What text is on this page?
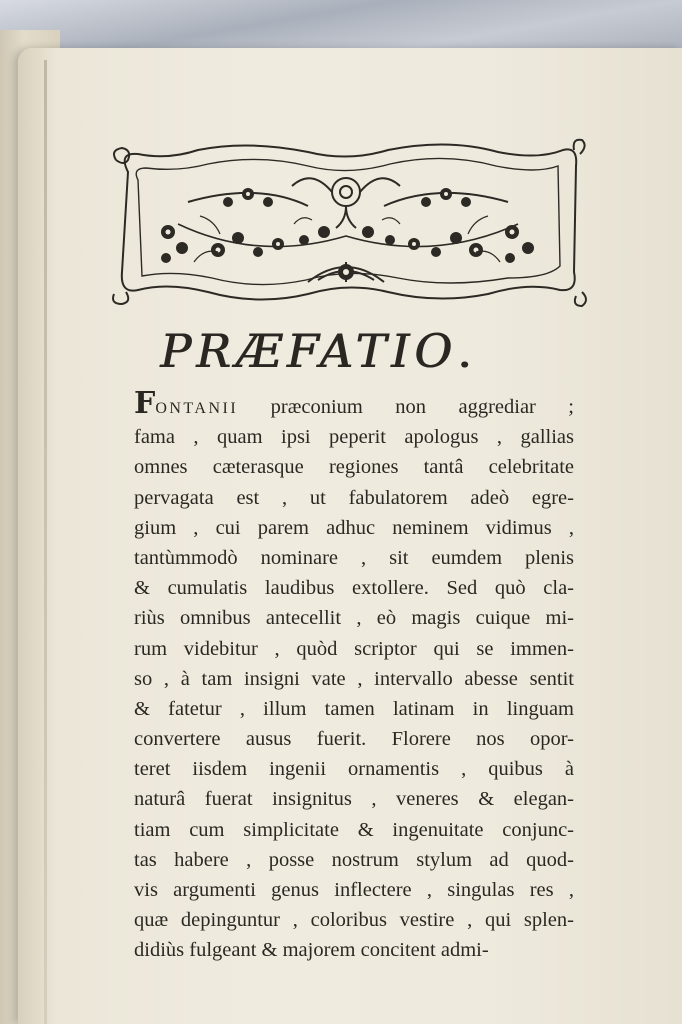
PRÆFATIO.
FONTANII præconium non aggrediar ;
fama , quam ipsi peperit apologus , gallias
omnes cæterasque regiones tantâ celebritate
pervagata est , ut fabulatorem adeò egre-
gium , cui parem adhuc neminem vidimus ,
tantùmmodò nominare , sit eumdem plenis
& cumulatis laudibus extollere. Sed quò cla-
riùs omnibus antecellit , eò magis cuique mi-
rum videbitur , quòd scriptor qui se immen-
so , à tam insigni vate , intervallo abesse sentit
& fatetur , illum tamen latinam in linguam
convertere ausus fuerit. Florere nos opor-
teret iisdem ingenii ornamentis , quibus à
naturâ fuerat insignitus , veneres & elegan-
tiam cum simplicitate & ingenuitate conjunc-
tas habere , posse nostrum stylum ad quod-
vis argumenti genus inflectere , singulas res ,
quæ depinguntur , coloribus vestire , qui splen-
didiùs fulgeant & majorem concitent admi-
